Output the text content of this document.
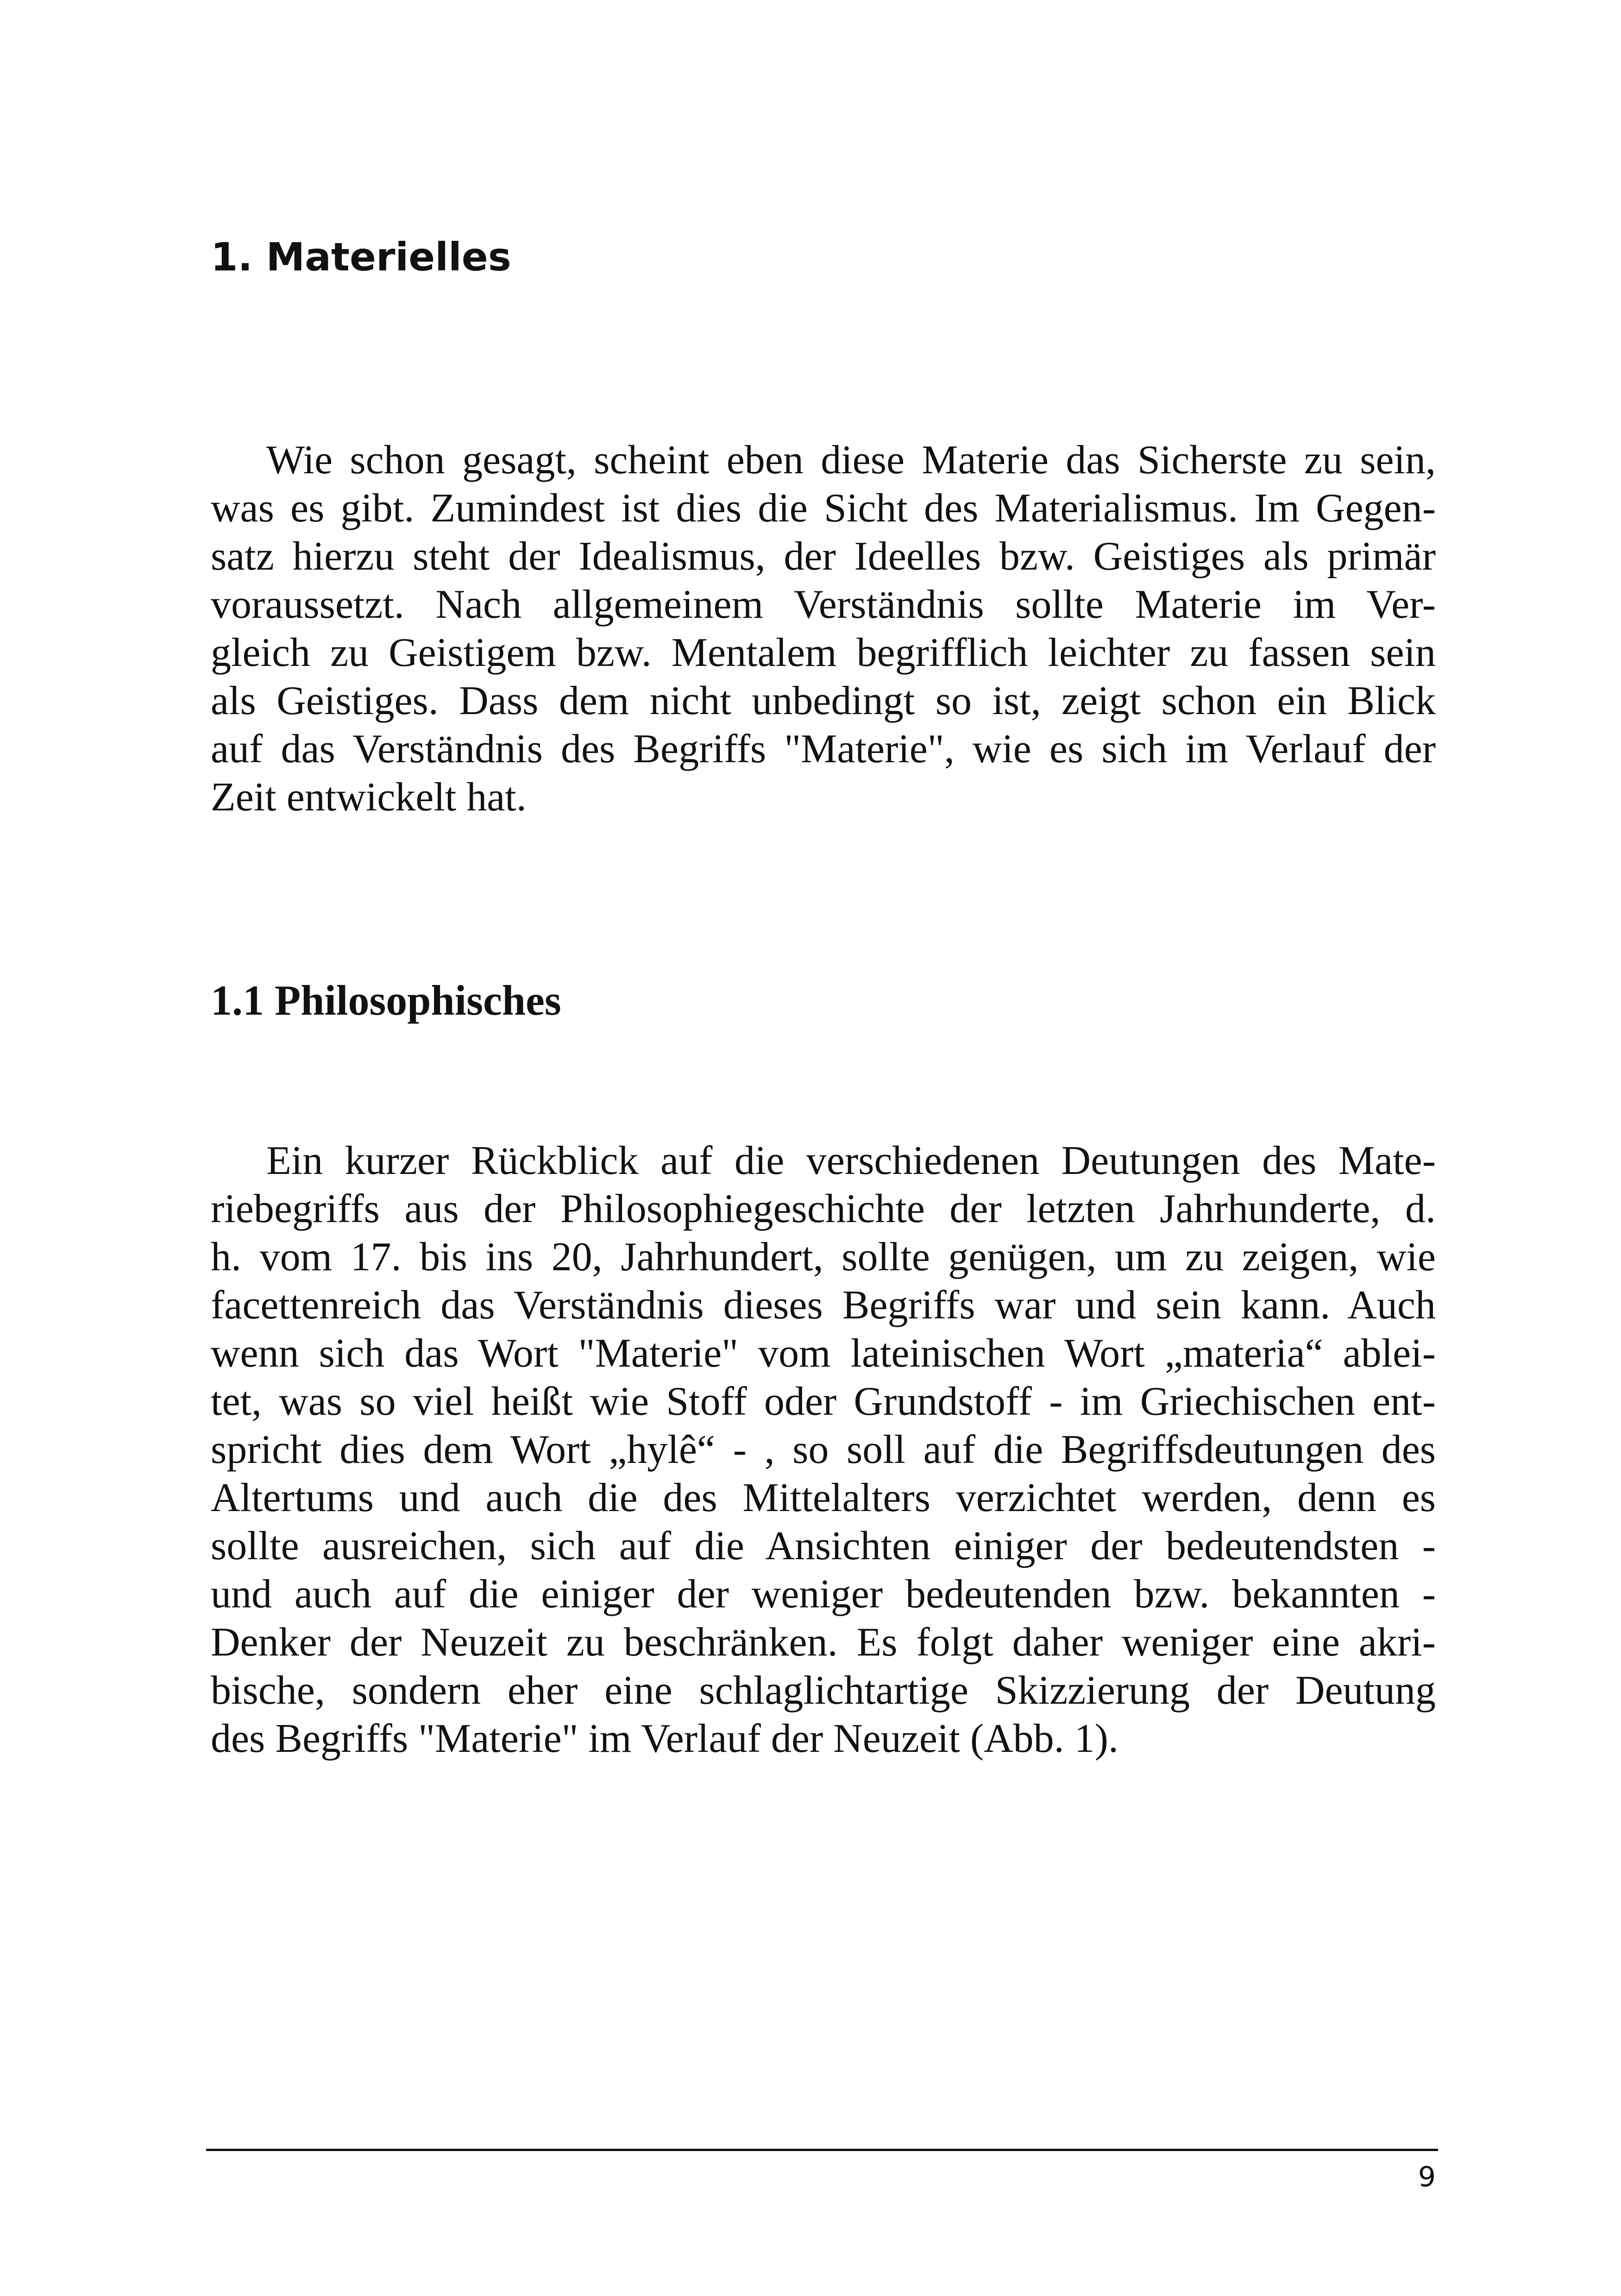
1. Materielles
Wie schon gesagt, scheint eben diese Materie das Sicherste zu sein,
was es gibt. Zumindest ist dies die Sicht des Materialismus. Im Gegen-
satz hierzu steht der Idealismus, der Ideelles bzw. Geistiges als primär
voraussetzt. Nach allgemeinem Verständnis sollte Materie im Ver-
gleich zu Geistigem bzw. Mentalem begrifflich leichter zu fassen sein
als Geistiges. Dass dem nicht unbedingt so ist, zeigt schon ein Blick
auf das Verständnis des Begriffs "Materie", wie es sich im Verlauf der
Zeit entwickelt hat.
1.1 Philosophisches
Ein kurzer Rückblick auf die verschiedenen Deutungen des Mate-
riebegriffs aus der Philosophiegeschichte der letzten Jahrhunderte, d.
h. vom 17. bis ins 20, Jahrhundert, sollte genügen, um zu zeigen, wie
facettenreich das Verständnis dieses Begriffs war und sein kann. Auch
wenn sich das Wort "Materie" vom lateinischen Wort „materia“ ablei-
tet, was so viel heißt wie Stoff oder Grundstoff - im Griechischen ent-
spricht dies dem Wort „hylê“ - , so soll auf die Begriffsdeutungen des
Altertums und auch die des Mittelalters verzichtet werden, denn es
sollte ausreichen, sich auf die Ansichten einiger der bedeutendsten -
und auch auf die einiger der weniger bedeutenden bzw. bekannten -
Denker der Neuzeit zu beschränken. Es folgt daher weniger eine akri-
bische, sondern eher eine schlaglichtartige Skizzierung der Deutung
des Begriffs "Materie" im Verlauf der Neuzeit (Abb. 1).
9
